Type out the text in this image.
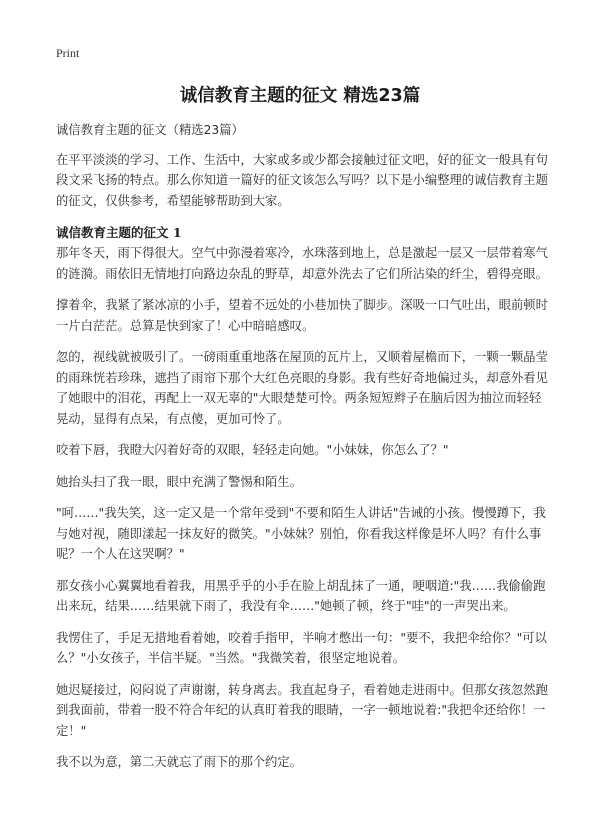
Print
诚信教育主题的征文 精选23篇

诚信教育主题的征文（精选23篇）

在平平淡淡的学习、工作、生活中，大家或多或少都会接触过征文吧，好的征文一般具有句段文采飞扬的特点。那么你知道一篇好的征文该怎么写吗？以下是小编整理的诚信教育主题的征文，仅供参考，希望能够帮助到大家。

诚信教育主题的征文 1

那年冬天，雨下得很大。空气中弥漫着寒冷，水珠落到地上，总是激起一层又一层带着寒气的涟漪。雨依旧无情地打向路边杂乱的野草，却意外洗去了它们所沾染的纤尘，碧得亮眼。

撑着伞，我紧了紧冰凉的小手，望着不远处的小巷加快了脚步。深吸一口气吐出，眼前顿时一片白茫茫。总算是快到家了！心中暗暗感叹。

忽的，视线就被吸引了。一磅雨重重地落在屋顶的瓦片上，又顺着屋檐而下，一颗一颗晶莹的雨珠恍若珍珠，遮挡了雨帘下那个大红色亮眼的身影。我有些好奇地偏过头，却意外看见了她眼中的泪花，再配上一双无辜的"大眼楚楚可怜。两条短短辫子在脑后因为抽泣而轻轻晃动，显得有点呆，有点傻，更加可怜了。

咬着下唇，我瞪大闪着好奇的双眼，轻轻走向她。"小妹妹，你怎么了？"

她抬头扫了我一眼，眼中充满了警惕和陌生。

"呵……"我失笑，这一定又是一个常年受到"不要和陌生人讲话"告诫的小孩。慢慢蹲下，我与她对视，随即漾起一抹友好的微笑。"小妹妹？别怕，你看我这样像是坏人吗？有什么事呢？一个人在这哭啊？"

那女孩小心翼翼地看着我，用黑乎乎的小手在脸上胡乱抹了一通，哽咽道:"我……我偷偷跑出来玩，结果……结果就下雨了，我没有伞……"她顿了顿，终于"哇"的一声哭出来。

我愣住了，手足无措地看着她，咬着手指甲，半响才憋出一句："要不，我把伞给你？"可以么？"小女孩子，半信半疑。"当然。"我微笑着，很坚定地说着。

她迟疑接过，闷闷说了声谢谢，转身离去。我直起身子，看着她走进雨中。但那女孩忽然跑到我面前，带着一股不符合年纪的认真盯着我的眼睛，一字一顿地说着:"我把伞还给你！一定！"

我不以为意，第二天就忘了雨下的那个约定。
